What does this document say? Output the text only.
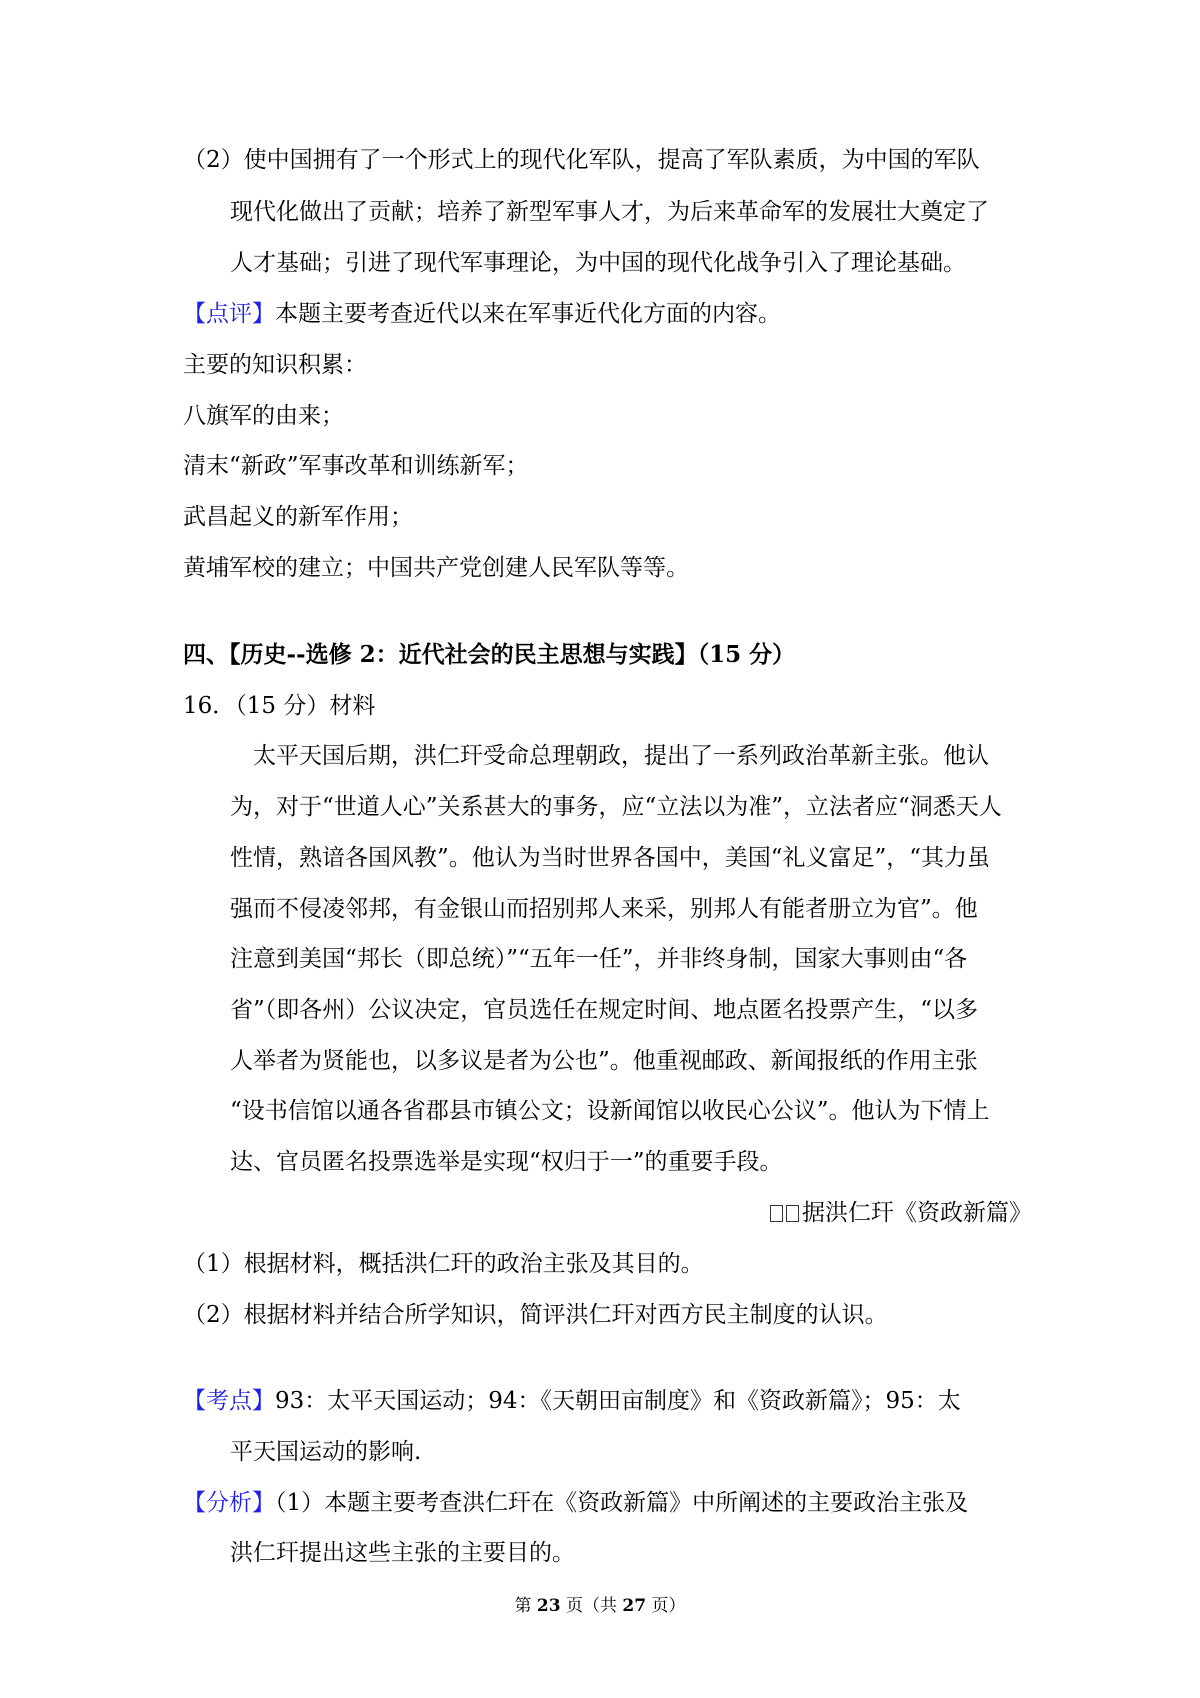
（2）使中国拥有了一个形式上的现代化军队，提高了军队素质，为中国的军队
现代化做出了贡献；培养了新型军事人才，为后来革命军的发展壮大奠定了
人才基础；引进了现代军事理论，为中国的现代化战争引入了理论基础。
【点评】本题主要考查近代以来在军事近代化方面的内容。
主要的知识积累：
八旗军的由来；
清末“新政”军事改革和训练新军；
武昌起义的新军作用；
黄埔军校的建立；中国共产党创建人民军队等等。
四、【历史--选修 2：近代社会的民主思想与实践】（15 分）
16．（15 分）材料
　太平天国后期，洪仁玕受命总理朝政，提出了一系列政治革新主张。他认
为，对于“世道人心”关系甚大的事务，应“立法以为准”，立法者应“洞悉天人
性情，熟谙各国风教”。他认为当时世界各国中，美国“礼义富足”，“其力虽
强而不侵凌邻邦，有金银山而招别邦人来采，别邦人有能者册立为官”。他
注意到美国“邦长（即总统）”“五年一任”，并非终身制，国家大事则由“各
省”（即各州）公议决定，官员选任在规定时间、地点匿名投票产生，“以多
人举者为贤能也，以多议是者为公也”。他重视邮政、新闻报纸的作用主张
“设书信馆以通各省郡县市镇公文；设新闻馆以收民心公议”。他认为下情上
达、官员匿名投票选举是实现“权归于一”的重要手段。
据洪仁玕《资政新篇》
（1）根据材料，概括洪仁玕的政治主张及其目的。
（2）根据材料并结合所学知识，简评洪仁玕对西方民主制度的认识。
【考点】93：太平天国运动；94：《天朝田亩制度》和《资政新篇》；95：太
平天国运动的影响.
【分析】（1）本题主要考查洪仁玕在《资政新篇》中所阐述的主要政治主张及
洪仁玕提出这些主张的主要目的。
第 23 页（共 27 页）
